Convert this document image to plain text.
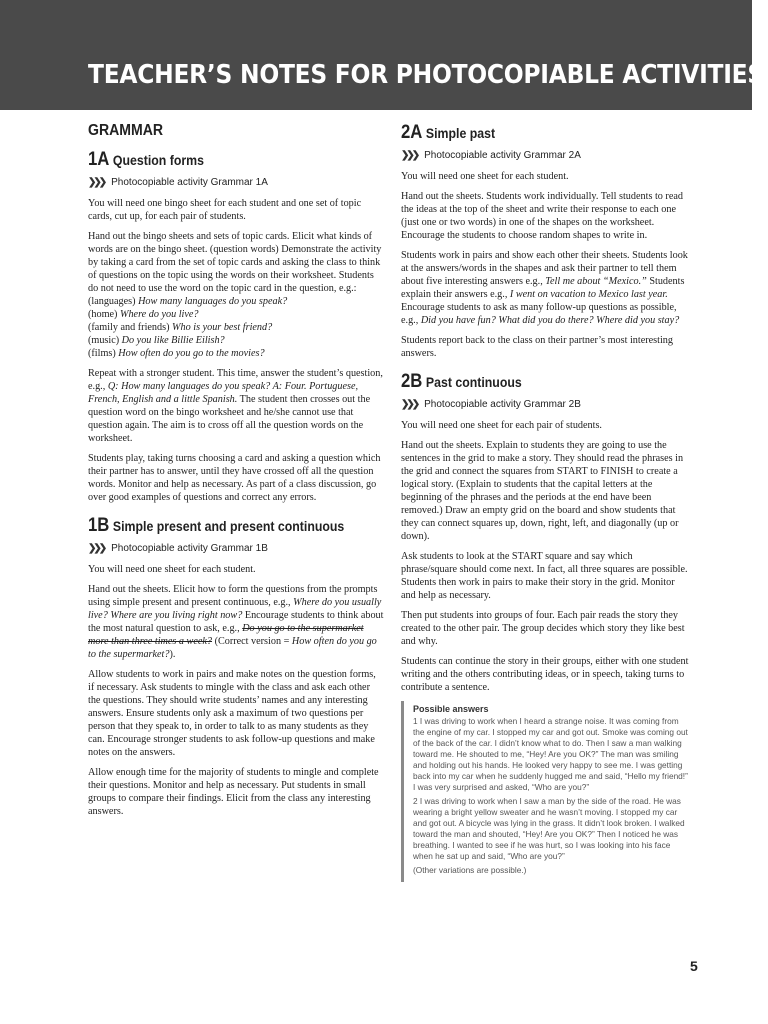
TEACHER’S NOTES FOR PHOTOCOPIABLE ACTIVITIES
GRAMMAR
1A Question forms
❯❯❯ Photocopiable activity Grammar 1A

You will need one bingo sheet for each student and one set of topic cards, cut up, for each pair of students.

Hand out the bingo sheets and sets of topic cards. Elicit what kinds of words are on the bingo sheet. (question words) Demonstrate the activity by taking a card from the set of topic cards and asking the class to think of questions on the topic using the words on their worksheet. Students do not need to use the word on the topic card in the question, e.g.:
(languages) How many languages do you speak?
(home) Where do you live?
(family and friends) Who is your best friend?
(music) Do you like Billie Eilish?
(films) How often do you go to the movies?

Repeat with a stronger student. This time, answer the student’s question, e.g., Q: How many languages do you speak? A: Four. Portuguese, French, English and a little Spanish. The student then crosses out the question word on the bingo worksheet and he/she cannot use that question again. The aim is to cross off all the question words on the worksheet.

Students play, taking turns choosing a card and asking a question which their partner has to answer, until they have crossed off all the question words. Monitor and help as necessary. As part of a class discussion, go over good examples of questions and correct any errors.

1B Simple present and present continuous
❯❯❯ Photocopiable activity Grammar 1B

You will need one sheet for each student.

Hand out the sheets. Elicit how to form the questions from the prompts using simple present and present continuous, e.g., Where do you usually live? Where are you living right now? Encourage students to think about the most natural question to ask, e.g., Do you go to the supermarket more than three times a week? (Correct version = How often do you go to the supermarket?).

Allow students to work in pairs and make notes on the question forms, if necessary. Ask students to mingle with the class and ask each other the questions. They should write students’ names and any interesting answers. Ensure students only ask a maximum of two questions per person that they speak to, in order to talk to as many students as they can. Encourage stronger students to ask follow-up questions and make notes on the answers.

Allow enough time for the majority of students to mingle and complete their questions. Monitor and help as necessary. Put students in small groups to compare their findings. Elicit from the class any interesting answers.

2A Simple past
❯❯❯ Photocopiable activity Grammar 2A

You will need one sheet for each student.

Hand out the sheets. Students work individually. Tell students to read the ideas at the top of the sheet and write their response to each one (just one or two words) in one of the shapes on the worksheet. Encourage the students to choose random shapes to write in.

Students work in pairs and show each other their sheets. Students look at the answers/words in the shapes and ask their partner to tell them about five interesting answers e.g., Tell me about “Mexico.” Students explain their answers e.g., I went on vacation to Mexico last year. Encourage students to ask as many follow-up questions as possible, e.g., Did you have fun? What did you do there? Where did you stay?

Students report back to the class on their partner’s most interesting answers.

2B Past continuous
❯❯❯ Photocopiable activity Grammar 2B

You will need one sheet for each pair of students.

Hand out the sheets. Explain to students they are going to use the sentences in the grid to make a story. They should read the phrases in the grid and connect the squares from START to FINISH to create a logical story. (Explain to students that the capital letters at the beginning of the phrases and the periods at the end have been removed.) Draw an empty grid on the board and show students that they can connect squares up, down, right, left, and diagonally (up or down).

Ask students to look at the START square and say which phrase/square should come next. In fact, all three squares are possible. Students then work in pairs to make their story in the grid. Monitor and help as necessary.

Then put students into groups of four. Each pair reads the story they created to the other pair. The group decides which story they like best and why.

Students can continue the story in their groups, either with one student writing and the others contributing ideas, or in speech, taking turns to contribute a sentence.

Possible answers
1 I was driving to work when I heard a strange noise. It was coming from the engine of my car. I stopped my car and got out. Smoke was coming out of the back of the car. I didn’t know what to do. Then I saw a man walking toward me. He shouted to me, “Hey! Are you OK?” The man was smiling and holding out his hands. He looked very happy to see me. I was getting back into my car when he suddenly hugged me and said, “Hello my friend!” I was very surprised and asked, “Who are you?”
2 I was driving to work when I saw a man by the side of the road. He was wearing a bright yellow sweater and he wasn’t moving. I stopped my car and got out. A bicycle was lying in the grass. It didn’t look broken. I walked toward the man and shouted, “Hey! Are you OK?” Then I noticed he was breathing. I wanted to see if he was hurt, so I was looking into his face when he sat up and said, “Who are you?”
(Other variations are possible.)
5
